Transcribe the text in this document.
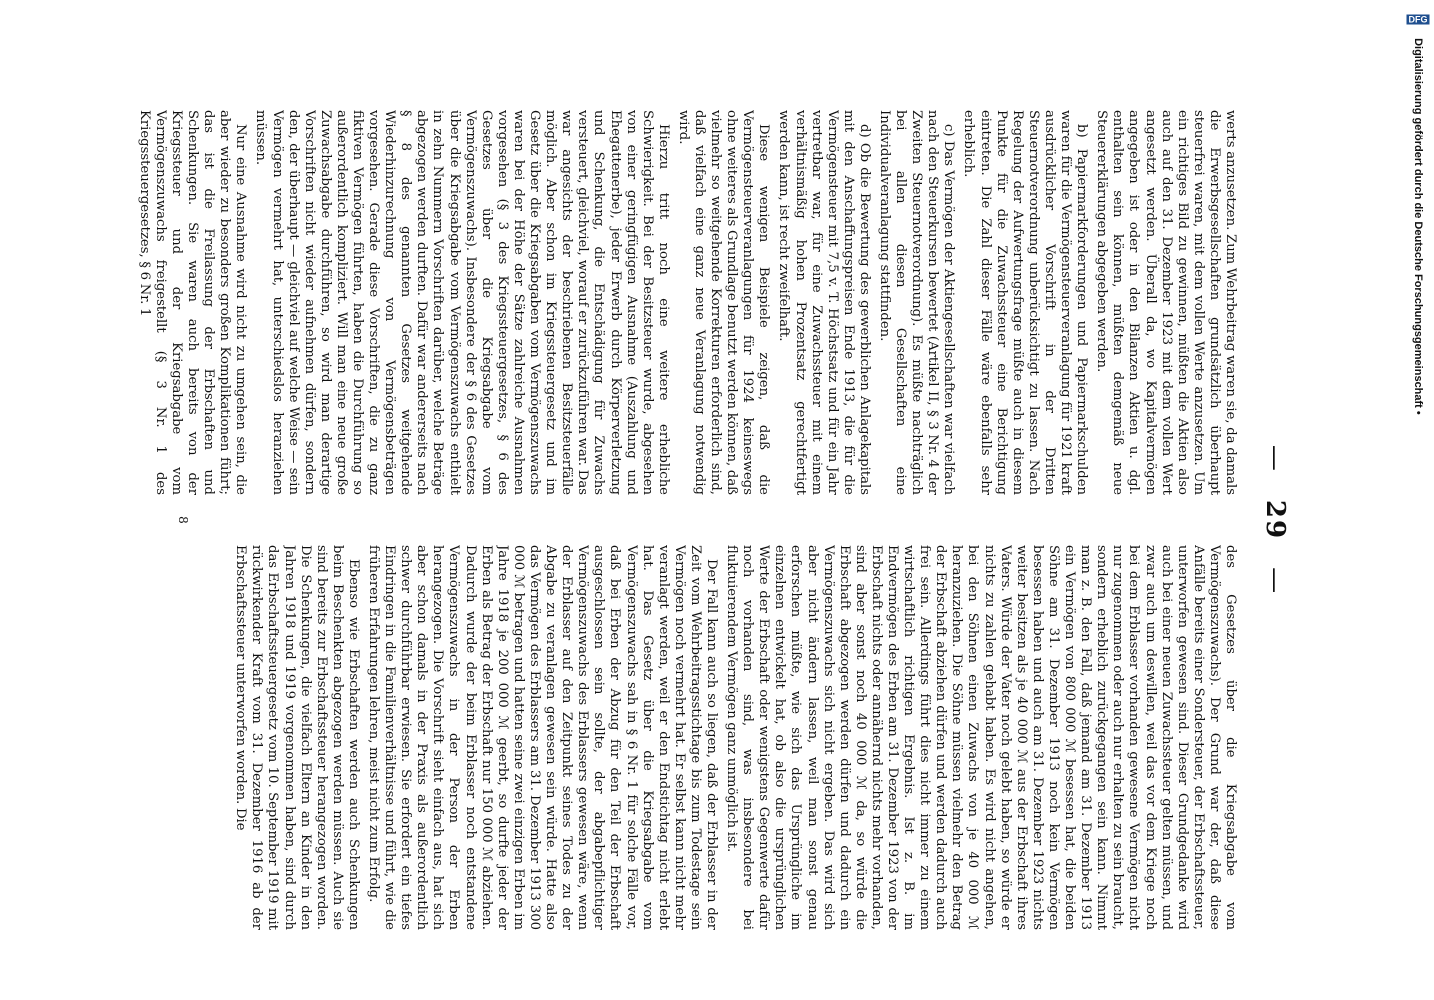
— 29 —

werts anzusetzen. Zum Wehrbeitrag waren sie, da damals die Erwerbsgesellschaften grundsätzlich überhaupt steuerfrei waren, mit dem vollen Werte anzusetzen. Um ein richtiges Bild zu gewinnen, müßten die Aktien also auch auf den 31. Dezember 1923 mit dem vollen Wert angesetzt werden. Überall da, wo Kapitalvermögen angegeben ist oder in den Bilanzen Aktien u. dgl. enthalten sein können, müßten demgemäß neue Steuererklärungen abgegeben werden.

b) Papiermarkforderungen und Papiermarkschulden waren für die Vermögensteuerveranlagung für 1921 kraft ausdrücklicher Vorschrift in der Dritten Steuernotverordnung unberücksichtigt zu lassen. Nach Regelung der Aufwertungsfrage müßte auch in diesem Punkte für die Zuwachssteuer eine Berichtigung eintreten. Die Zahl dieser Fälle wäre ebenfalls sehr erheblich.

c) Das Vermögen der Aktiengesellschaften war vielfach nach den Steuerkursen bewertet (Artikel II, § 3 Nr. 4 der Zweiten Steuernotverordnung). Es müßte nachträglich bei allen diesen Gesellschaften eine Individualveranlagung stattfinden.

d) Ob die Bewertung des gewerblichen Anlagekapitals mit den Anschaffungspreisen Ende 1913, die für die Vermögensteuer mit 7,5 v. T. Höchstsatz und für ein Jahr vertretbar war, für eine Zuwachssteuer mit einem verhältnismäßig hohen Prozentsatz gerechtfertigt werden kann, ist recht zweifelhaft.

Diese wenigen Beispiele zeigen, daß die Vermögensteuerveranlagungen für 1924 keineswegs ohne weiteres als Grundlage benutzt werden können, daß vielmehr so weitgehende Korrekturen erforderlich sind, daß vielfach eine ganz neue Veranlagung notwendig wird.

Hierzu tritt noch eine weitere erhebliche Schwierigkeit. Bei der Besitzsteuer wurde, abgesehen von einer geringfügigen Ausnahme (Auszahlung und Ehegattenerbe), jeder Erwerb durch Körperverletzung und Schenkung, die Entschädigung für Zuwachs versteuert, gleichviel, worauf er zurückzuführen war. Das war angesichts der beschriebenen Besitzsteuerfälle möglich. Aber schon im Kriegssteuergesetz und im Gesetz über die Kriegsabgaben vom Vermögenszuwachs waren bei der Höhe der Sätze zahlreiche Ausnahmen vorgesehen (§ 3 des Kriegssteuergesetzes, § 6 des Gesetzes über die Kriegsabgabe vom Vermögenszuwachs). Insbesondere der § 6 des Gesetzes über die Kriegsabgabe vom Vermögenszuwachs enthielt in zehn Nummern Vorschriften darüber, welche Beträge abgezogen werden durften. Dafür war andererseits nach § 8 des genannten Gesetzes weitgehende Wiederhinzurechnung von Vermögensbeträgen vorgesehen. Gerade diese Vorschriften, die zu ganz fiktiven Vermögen führten, haben die Durchführung so außerordentlich kompliziert. Will man eine neue große Zuwachsabgabe durchführen, so wird man derartige Vorschriften nicht wieder aufnehmen dürfen, sondern den, der überhaupt — gleichviel auf welche Weise — sein Vermögen vermehrt hat, unterschiedslos heranziehen müssen.

Nur eine Ausnahme wird nicht zu umgehen sein, die aber wieder zu besonders großen Komplikationen führt; das ist die Freilassung der Erbschaften und Schenkungen. Sie waren auch bereits von der Kriegssteuer und der Kriegsabgabe vom Vermögenszuwachs freigestellt (§ 3 Nr. 1 des Kriegssteuergesetzes, § 6 Nr. 1

des Gesetzes über die Kriegsabgabe vom Vermögenszuwachs). Der Grund war der, daß diese Anfälle bereits einer Sondersteuer, der Erbschaftssteuer, unterworfen gewesen sind. Dieser Grundgedanke wird auch bei einer neuen Zuwachssteuer gelten müssen, und zwar auch um deswillen, weil das vor dem Kriege noch bei dem Erblasser vorhanden gewesene Vermögen nicht nur zugenommen oder auch nur erhalten zu sein braucht, sondern erheblich zurückgegangen sein kann. Nimmt man z. B. den Fall, daß jemand am 31. Dezember 1913 ein Vermögen von 800 000 ℳ besessen hat, die beiden Söhne am 31. Dezember 1913 noch kein Vermögen besessen haben und auch am 31. Dezember 1923 nichts weiter besitzen als je 40 000 ℳ aus der Erbschaft ihres Vaters. Würde der Vater noch gelebt haben, so würde er nichts zu zahlen gehabt haben. Es wird nicht angehen, bei den Söhnen einen Zuwachs von je 40 000 ℳ heranzuziehen. Die Söhne müssen vielmehr den Betrag der Erbschaft abziehen dürfen und werden dadurch auch frei sein. Allerdings führt dies nicht immer zu einem wirtschaftlich richtigen Ergebnis. Ist z. B. im Endvermögen des Erben am 31. Dezember 1923 von der Erbschaft nichts oder annähernd nichts mehr vorhanden, sind aber sonst noch 40 000 ℳ da, so würde die Erbschaft abgezogen werden dürfen und dadurch ein Vermögenszuwachs sich nicht ergeben. Das wird sich aber nicht ändern lassen, weil man sonst genau erforschen müßte, wie sich das Ursprüngliche im einzelnen entwickelt hat, ob also die ursprünglichen Werte der Erbschaft oder wenigstens Gegenwerte dafür noch vorhanden sind, was insbesondere bei fluktuierendem Vermögen ganz unmöglich ist.

Der Fall kann auch so liegen, daß der Erblasser in der Zeit vom Wehrbeitragsstichtage bis zum Todestage sein Vermögen noch vermehrt hat. Er selbst kann nicht mehr veranlagt werden, weil er den Endstichtag nicht erlebt hat. Das Gesetz über die Kriegsabgabe vom Vermögenszuwachs sah in § 6 Nr. 1 für solche Fälle vor, daß bei Erben der Abzug für den Teil der Erbschaft ausgeschlossen sein sollte, der abgabepflichtiger Vermögenszuwachs des Erblassers gewesen wäre, wenn der Erblasser auf den Zeitpunkt seines Todes zu der Abgabe zu veranlagen gewesen sein würde. Hatte also das Vermögen des Erblassers am 31. Dezember 1913 300 000 ℳ betragen und hatten seine zwei einzigen Erben im Jahre 1918 je 200 000 ℳ geerbt, so durfte jeder der Erben als Betrag der Erbschaft nur 150 000 ℳ abziehen. Dadurch wurde der beim Erblasser noch entstandene Vermögenszuwachs in der Person der Erben herangezogen. Die Vorschrift sieht einfach aus, hat sich aber schon damals in der Praxis als außerordentlich schwer durchführbar erwiesen. Sie erfordert ein tiefes Eindringen in die Familienverhältnisse und führt, wie die früheren Erfahrungen lehren, meist nicht zum Erfolg.

Ebenso wie Erbschaften werden auch Schenkungen beim Beschenkten abgezogen werden müssen. Auch sie sind bereits zur Erbschaftssteuer herangezogen worden. Die Schenkungen, die vielfach Eltern an Kinder in den Jahren 1918 und 1919 vorgenommen haben, sind durch das Erbschaftssteuergesetz vom 10. September 1919 mit rückwirkender Kraft vom 31. Dezember 1916 ab der Erbschaftssteuer unterworfen worden. Die

8
DFG Digitalisierung gefördert durch die Deutsche Forschungsgemeinschaft •
